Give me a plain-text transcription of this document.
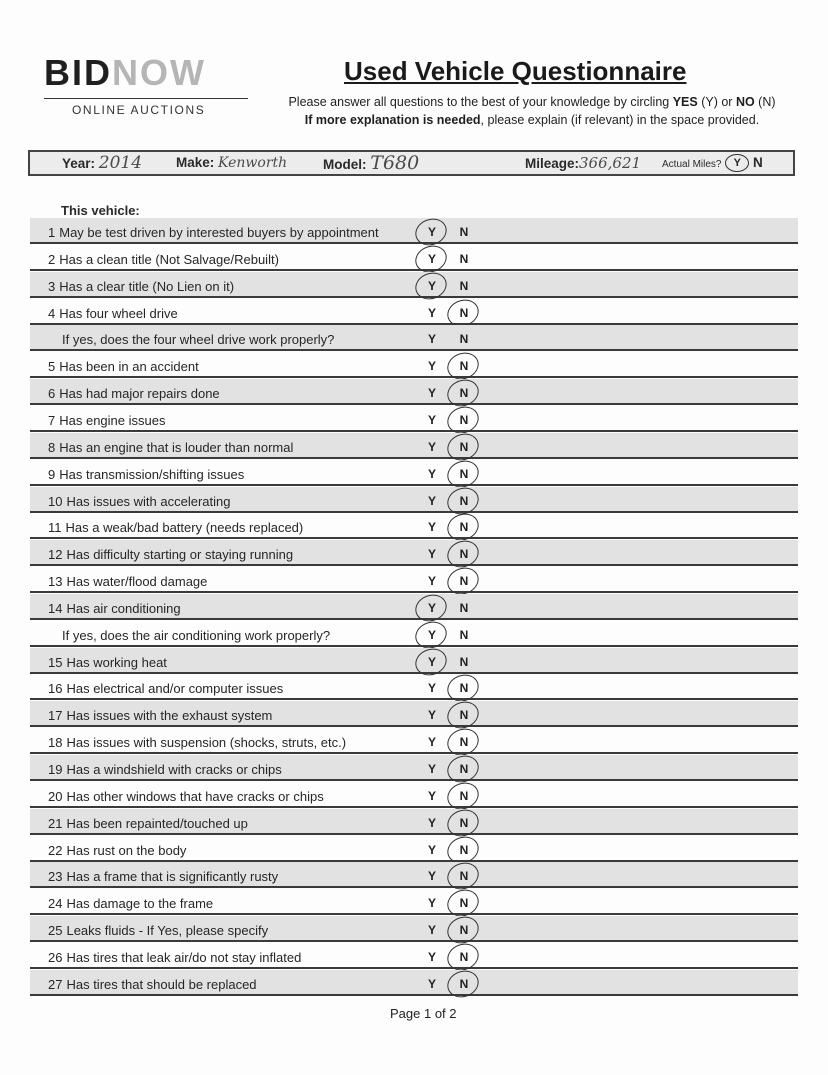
BIDNOW
ONLINE AUCTIONS
Used Vehicle Questionnaire
Please answer all questions to the best of your knowledge by circling YES (Y) or NO (N)
If more explanation is needed, please explain (if relevant) in the space provided.
Year: 2014	Make: Kenworth	Model: T680	Mileage:366,621 Actual Miles? Y N
This vehicle:
1 May be test driven by interested buyers by appointment	Y N
2 Has a clean title (Not Salvage/Rebuilt)	Y N
3 Has a clear title (No Lien on it)	Y N
4 Has four wheel drive	Y N
If yes, does the four wheel drive work properly?	Y N
5 Has been in an accident	Y N
6 Has had major repairs done	Y N
7 Has engine issues	Y N
8 Has an engine that is louder than normal	Y N
9 Has transmission/shifting issues	Y N
10 Has issues with accelerating	Y N
11 Has a weak/bad battery (needs replaced)	Y N
12 Has difficulty starting or staying running	Y N
13 Has water/flood damage	Y N
14 Has air conditioning	Y N
If yes, does the air conditioning work properly?	Y N
15 Has working heat	Y N
16 Has electrical and/or computer issues	Y N
17 Has issues with the exhaust system	Y N
18 Has issues with suspension (shocks, struts, etc.)	Y N
19 Has a windshield with cracks or chips	Y N
20 Has other windows that have cracks or chips	Y N
21 Has been repainted/touched up	Y N
22 Has rust on the body	Y N
23 Has a frame that is significantly rusty	Y N
24 Has damage to the frame	Y N
25 Leaks fluids - If Yes, please specify	Y N
26 Has tires that leak air/do not stay inflated	Y N
27 Has tires that should be replaced	Y N
Page 1 of 2
